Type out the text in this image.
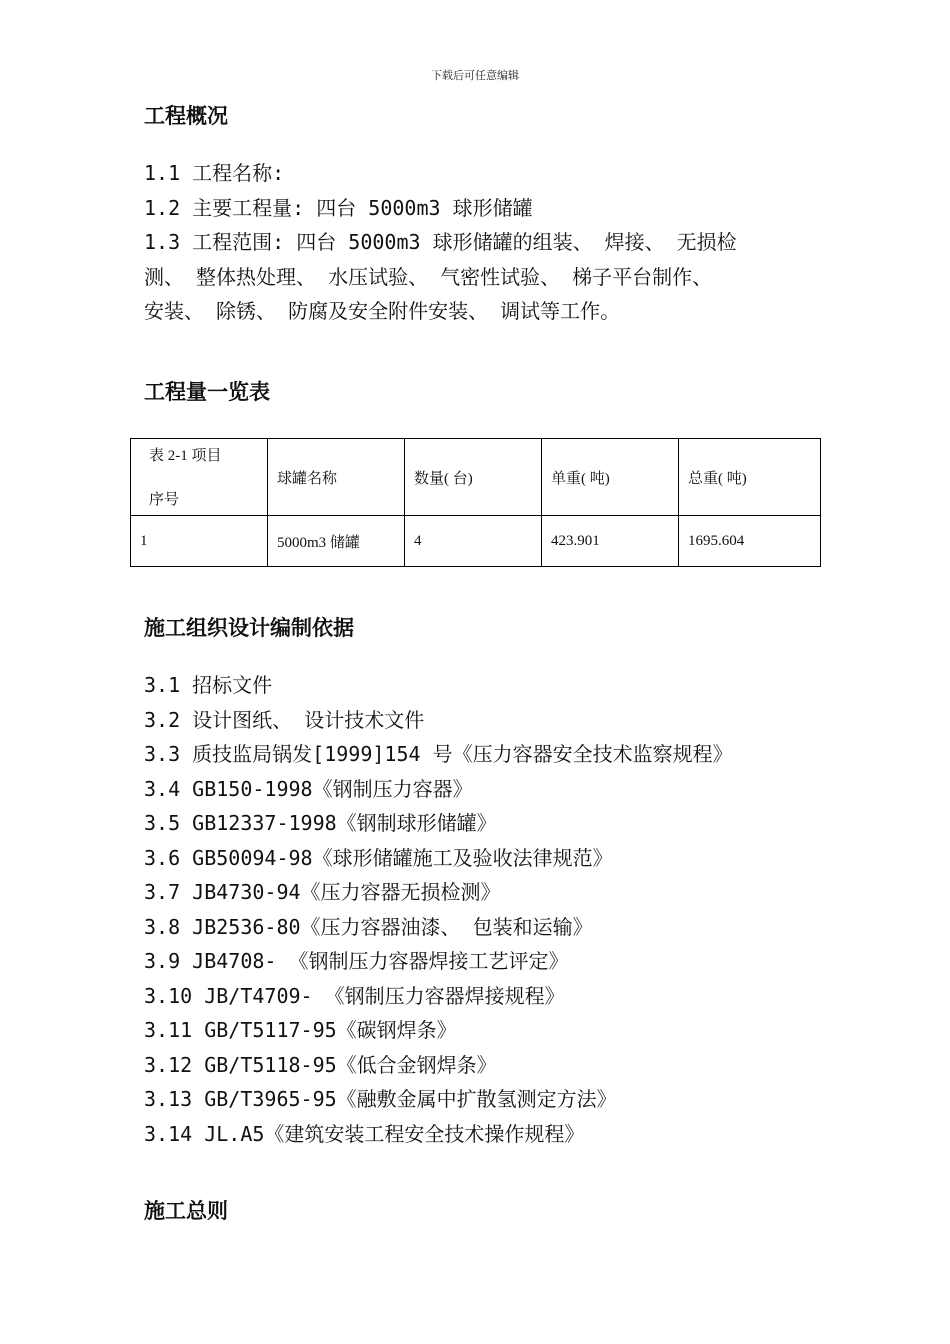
下载后可任意编辑
工程概况
1.1 工程名称:
1.2 主要工程量: 四台 5000m3 球形储罐
1.3 工程范围: 四台 5000m3 球形储罐的组装、 焊接、 无损检
测、 整体热处理、 水压试验、 气密性试验、 梯子平台制作、
安装、 除锈、 防腐及安全附件安装、 调试等工作。
工程量一览表
表 2-1 项目
序号	球罐名称	数量( 台)	单重( 吨)	总重( 吨)
1	5000m3 储罐	4	423.901	1695.604
施工组织设计编制依据
3.1 招标文件
3.2 设计图纸、 设计技术文件
3.3 质技监局锅发[1999]154 号《压力容器安全技术监察规程》
3.4 GB150-1998《钢制压力容器》
3.5 GB12337-1998《钢制球形储罐》
3.6 GB50094-98《球形储罐施工及验收法律规范》
3.7 JB4730-94《压力容器无损检测》
3.8 JB2536-80《压力容器油漆、 包装和运输》
3.9 JB4708- 《钢制压力容器焊接工艺评定》
3.10 JB/T4709- 《钢制压力容器焊接规程》
3.11 GB/T5117-95《碳钢焊条》
3.12 GB/T5118-95《低合金钢焊条》
3.13 GB/T3965-95《融敷金属中扩散氢测定方法》
3.14 JL.A5《建筑安装工程安全技术操作规程》
施工总则
